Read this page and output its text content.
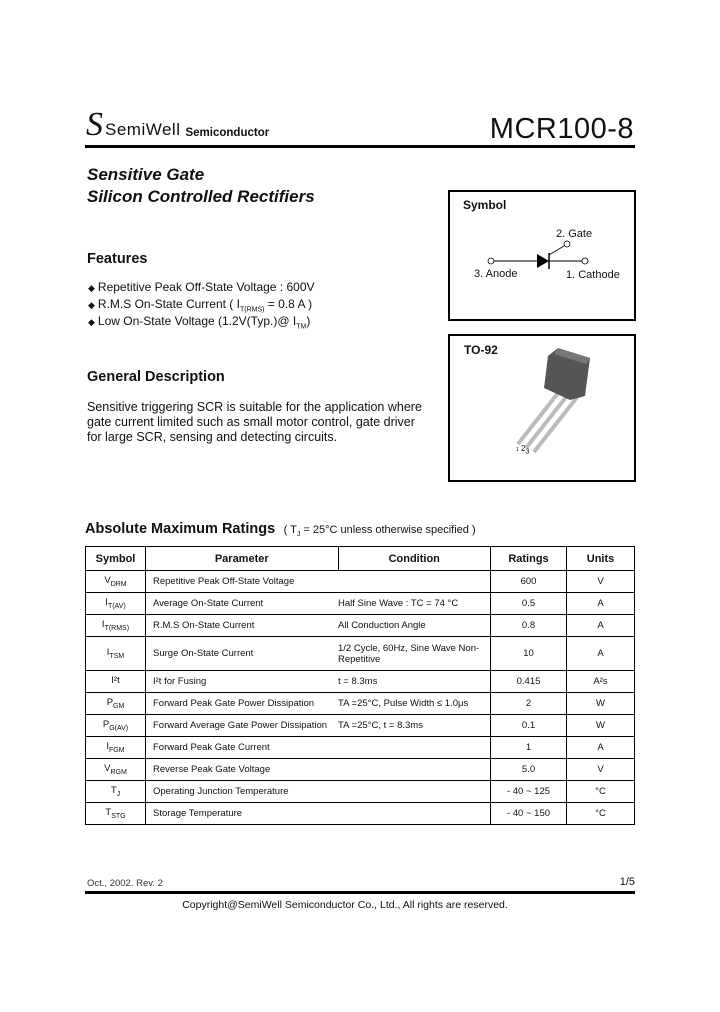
S SemiWell Semiconductor	MCR100-8
Sensitive Gate
Silicon Controlled Rectifiers
Features
◆ Repetitive Peak Off-State Voltage : 600V
◆ R.M.S On-State Current ( $I_{T(RMS)} = 0.8$ A )
◆ Low On-State Voltage (1.2V(Typ.)@ $I_{TM}$)
General Description
Sensitive triggering SCR is suitable for the application where
gate current limited such as small motor control, gate driver
for large SCR, sensing and detecting circuits.
Symbol
2. Gate
3. Anode	1. Cathode
TO-92
1 $2_3$
Absolute Maximum Ratings ( $T_J = 25^\circ C$ unless otherwise specified )
Symbol	Parameter	Condition	Ratings	Units
$V_{DRM}$	Repetitive Peak Off-State Voltage		600	V
$I_{T(AV)}$	Average On-State Current	Half Sine Wave : TC = 74 °C	0.5	A
$I_{T(RMS)}$	R.M.S On-State Current	All Conduction Angle	0.8	A
$I_{TSM}$	Surge On-State Current	1/2 Cycle, 60Hz, Sine Wave Non-Repetitive	10	A
I²t	I²t for Fusing	t = 8.3ms	0.415	A²s
$P_{GM}$	Forward Peak Gate Power Dissipation	TA =25°C, Pulse Width ≤ 1.0μs	2	W
$P_{G(AV)}$	Forward Average Gate Power Dissipation	TA =25°C, t = 8.3ms	0.1	W
$I_{FGM}$	Forward Peak Gate Current		1	A
$V_{RGM}$	Reverse Peak Gate Voltage		5.0	V
$T_J$	Operating Junction Temperature		- 40 ~ 125	°C
$T_{STG}$	Storage Temperature		- 40 ~ 150	°C
Oct., 2002. Rev. 2	1/5
Copyright@SemiWell Semiconductor Co., Ltd., All rights are reserved.
